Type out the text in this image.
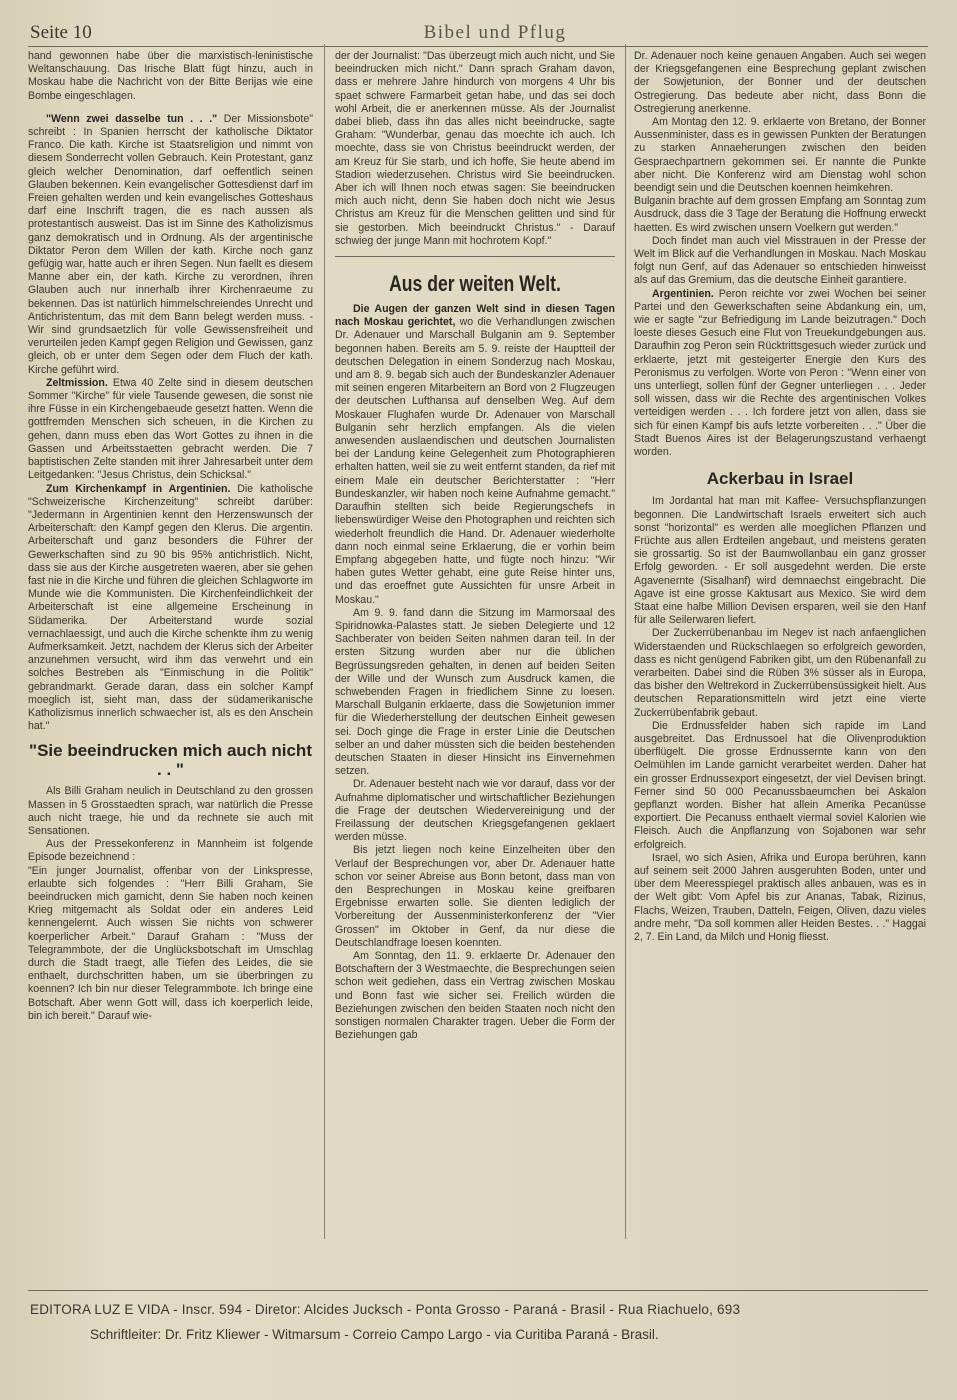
Seite 10	Bibel und Pflug

hand gewonnen habe über die marxistisch-leninistische Weltanschauung. Das Irische Blatt fügt hinzu, auch in Moskau habe die Nachricht von der Bitte Berijas wie eine Bombe eingeschlagen.

"Wenn zwei dasselbe tun . . ." Der Missionsbote" schreibt : In Spanien herrscht der katholische Diktator Franco. Die kath. Kirche ist Staatsreligion und nimmt von diesem Sonderrecht vollen Gebrauch. Kein Protestant, ganz gleich welcher Denomination, darf oeffentlich seinen Glauben bekennen. Kein evangelischer Gottesdienst darf im Freien gehalten werden und kein evangelisches Gotteshaus darf eine Inschrift tragen, die es nach aussen als protestantisch ausweist. Das ist im Sinne des Katholizismus ganz demokratisch und in Ordnung. Als der argentinische Diktator Peron dem Willen der kath. Kirche noch ganz gefügig war, hatte auch er ihren Segen. Nun faellt es diesem Manne aber ein, der kath. Kirche zu verordnen, ihren Glauben auch nur innerhalb ihrer Kirchenraeume zu bekennen. Das ist natürlich himmelschreiendes Unrecht und Antichristentum, das mit dem Bann belegt werden muss. - Wir sind grundsaetzlich für volle Gewissensfreiheit und verurteilen jeden Kampf gegen Religion und Gewissen, ganz gleich, ob er unter dem Segen oder dem Fluch der kath. Kirche geführt wird.

Zeltmission. Etwa 40 Zelte sind in diesem deutschen Sommer "Kirche" für viele Tausende gewesen, die sonst nie ihre Füsse in ein Kirchengebaeude gesetzt hatten. Wenn die gottfremden Menschen sich scheuen, in die Kirchen zu gehen, dann muss eben das Wort Gottes zu ihnen in die Gassen und Arbeitsstaetten gebracht werden. Die 7 baptistischen Zelte standen mit ihrer Jahresarbeit unter dem Leitgedanken: "Jesus Christus, dein Schicksal."

Zum Kirchenkampf in Argentinien. Die katholische "Schweizerische Kirchenzeitung" schreibt darüber: "Jedermann in Argentinien kennt den Herzenswunsch der Arbeiterschaft: den Kampf gegen den Klerus. Die argentin. Arbeiterschaft und ganz besonders die Führer der Gewerkschaften sind zu 90 bis 95% antichristlich. Nicht, dass sie aus der Kirche ausgetreten waeren, aber sie gehen fast nie in die Kirche und führen die gleichen Schlagworte im Munde wie die Kommunisten. Die Kirchenfeindlichkeit der Arbeiterschaft ist eine allgemeine Erscheinung in Südamerika. Der Arbeiterstand wurde sozial vernachlaessigt, und auch die Kirche schenkte ihm zu wenig Aufmerksamkeit. Jetzt, nachdem der Klerus sich der Arbeiter anzunehmen versucht, wird ihm das verwehrt und ein solches Bestreben als "Einmischung in die Politik" gebrandmarkt. Gerade daran, dass ein solcher Kampf moeglich ist, sieht man, dass der südamerikanische Katholizismus innerlich schwaecher ist, als es den Anschein hat."

"Sie beeindrucken mich auch nicht . . "

Als Billi Graham neulich in Deutschland zu den grossen Massen in 5 Grosstaedten sprach, war natürlich die Presse auch nicht traege, hie und da rechnete sie auch mit Sensationen.

Aus der Pressekonferenz in Mannheim ist folgende Episode bezeichnend :

"Ein junger Journalist, offenbar von der Linkspresse, erlaubte sich folgendes : "Herr Billi Graham, Sie beeindrucken mich garnicht, denn Sie haben noch keinen Krieg mitgemacht als Soldat oder ein anderes Leid kennengelernt. Auch wissen Sie nichts von schwerer koerperlicher Arbeit." Darauf Graham : "Muss der Telegrammbote, der die Unglücksbotschaft im Umschlag durch die Stadt traegt, alle Tiefen des Leides, die sie enthaelt, durchschritten haben, um sie überbringen zu koennen? Ich bin nur dieser Telegrammbote. Ich bringe eine Botschaft. Aber wenn Gott will, dass ich koerperlich leide, bin ich bereit." Darauf wie-

der der Journalist: "Das überzeugt mich auch nicht, und Sie beeindrucken mich nicht." Dann sprach Graham davon, dass er mehrere Jahre hindurch von morgens 4 Uhr bis spaet schwere Farmarbeit getan habe, und das sei doch wohl Arbeit, die er anerkennen müsse. Als der Journalist dabei blieb, dass ihn das alles nicht beeindrucke, sagte Graham: "Wunderbar, genau das moechte ich auch. Ich moechte, dass sie von Christus beeindruckt werden, der am Kreuz für Sie starb, und ich hoffe, Sie heute abend im Stadion wiederzusehen. Christus wird Sie beeindrucken. Aber ich will Ihnen noch etwas sagen: Sie beeindrucken mich auch nicht, denn Sie haben doch nicht wie Jesus Christus am Kreuz für die Menschen gelitten und sind für sie gestorben. Mich beeindruckt Christus." - Darauf schwieg der junge Mann mit hochrotem Kopf."

Aus der weiten Welt.

Die Augen der ganzen Welt sind in diesen Tagen nach Moskau gerichtet, wo die Verhandlungen zwischen Dr. Adenauer und Marschall Bulganin am 9. September begonnen haben. Bereits am 5. 9. reiste der Hauptteil der deutschen Delegation in einem Sonderzug nach Moskau, und am 8. 9. begab sich auch der Bundeskanzler Adenauer mit seinen engeren Mitarbeitern an Bord von 2 Flugzeugen der deutschen Lufthansa auf denselben Weg. Auf dem Moskauer Flughafen wurde Dr. Adenauer von Marschall Bulganin sehr herzlich empfangen. Als die vielen anwesenden auslaendischen und deutschen Journalisten bei der Landung keine Gelegenheit zum Photographieren erhalten hatten, weil sie zu weit entfernt standen, da rief mit einem Male ein deutscher Berichterstatter : "Herr Bundeskanzler, wir haben noch keine Aufnahme gemacht." Daraufhin stellten sich beide Regierungschefs in liebenswürdiger Weise den Photographen und reichten sich wiederholt freundlich die Hand. Dr. Adenauer wiederholte dann noch einmal seine Erklaerung, die er vorhin beim Empfang abgegeben hatte, und fügte noch hinzu: "Wir haben gutes Wetter gehabt, eine gute Reise hinter uns, und das eroeffnet gute Aussichten für unsre Arbeit in Moskau."

Am 9. 9. fand dann die Sitzung im Marmorsaal des Spiridnowka-Palastes statt. Je sieben Delegierte und 12 Sachberater von beiden Seiten nahmen daran teil. In der ersten Sitzung wurden aber nur die üblichen Begrüssungsreden gehalten, in denen auf beiden Seiten der Wille und der Wunsch zum Ausdruck kamen, die schwebenden Fragen in friedlichem Sinne zu loesen. Marschall Bulganin erklaerte, dass die Sowjetunion immer für die Wiederherstellung der deutschen Einheit gewesen sei. Doch ginge die Frage in erster Linie die Deutschen selber an und daher müssten sich die beiden bestehenden deutschen Staaten in dieser Hinsicht ins Einvernehmen setzen.

Dr. Adenauer besteht nach wie vor darauf, dass vor der Aufnahme diplomatischer und wirtschaftlicher Beziehungen die Frage der deutschen Wiedervereinigung und der Freilassung der deutschen Kriegsgefangenen geklaert werden müsse.

Bis jetzt liegen noch keine Einzelheiten über den Verlauf der Besprechungen vor, aber Dr. Adenauer hatte schon vor seiner Abreise aus Bonn betont, dass man von den Besprechungen in Moskau keine greifbaren Ergebnisse erwarten solle. Sie dienten lediglich der Vorbereitung der Aussenministerkonferenz der "Vier Grossen" im Oktober in Genf, da nur diese die Deutschlandfrage loesen koennten.

Am Sonntag, den 11. 9. erklaerte Dr. Adenauer den Botschaftern der 3 Westmaechte, die Besprechungen seien schon weit gediehen, dass ein Vertrag zwischen Moskau und Bonn fast wie sicher sei. Freilich würden die Beziehungen zwischen den beiden Staaten noch nicht den sonstigen normalen Charakter tragen. Ueber die Form der Beziehungen gab

Dr. Adenauer noch keine genauen Angaben. Auch sei wegen der Kriegsgefangenen eine Besprechung geplant zwischen der Sowjetunion, der Bonner und der deutschen Ostregierung. Das bedeute aber nicht, dass Bonn die Ostregierung anerkenne.

Am Montag den 12. 9. erklaerte von Bretano, der Bonner Aussenminister, dass es in gewissen Punkten der Beratungen zu starken Annaeherungen zwischen den beiden Gespraechpartnern gekommen sei. Er nannte die Punkte aber nicht. Die Konferenz wird am Dienstag wohl schon beendigt sein und die Deutschen koennen heimkehren.

Bulganin brachte auf dem grossen Empfang am Sonntag zum Ausdruck, dass die 3 Tage der Beratung die Hoffnung erweckt haetten. Es wird zwischen unsern Voelkern gut werden."

Doch findet man auch viel Misstrauen in der Presse der Welt im Blick auf die Verhandlungen in Moskau. Nach Moskau folgt nun Genf, auf das Adenauer so entschieden hinweisst als auf das Gremium, das die deutsche Einheit garantiere.

Argentinien. Peron reichte vor zwei Wochen bei seiner Partei und den Gewerkschaften seine Abdankung ein, um, wie er sagte "zur Befriedigung im Lande beizutragen." Doch loeste dieses Gesuch eine Flut von Treuekundgebungen aus. Daraufhin zog Peron sein Rücktrittsgesuch wieder zurück und erklaerte, jetzt mit gesteigerter Energie den Kurs des Peronismus zu verfolgen. Worte von Peron : "Wenn einer von uns unterliegt, sollen fünf der Gegner unterliegen . . . Jeder soll wissen, dass wir die Rechte des argentinischen Volkes verteidigen werden . . . Ich fordere jetzt von allen, dass sie sich für einen Kampf bis aufs letzte vorbereiten . . ." Über die Stadt Buenos Aires ist der Belagerungszustand verhaengt worden.

Ackerbau in Israel

Im Jordantal hat man mit Kaffee- Versuchspflanzungen begonnen. Die Landwirtschaft Israels erweitert sich auch sonst "horizontal" es werden alle moeglichen Pflanzen und Früchte aus allen Erdteilen angebaut, und meistens geraten sie grossartig. So ist der Baumwollanbau ein ganz grosser Erfolg geworden. - Er soll ausgedehnt werden. Die erste Agavenernte (Sisalhanf) wird demnaechst eingebracht. Die Agave ist eine grosse Kaktusart aus Mexico. Sie wird dem Staat eine halbe Million Devisen ersparen, weil sie den Hanf für alle Seilerwaren liefert.

Der Zuckerrübenanbau im Negev ist nach anfaenglichen Widerstaenden und Rückschlaegen so erfolgreich geworden, dass es nicht genügend Fabriken gibt, um den Rübenanfall zu verarbeiten. Dabei sind die Rüben 3% süsser als in Europa, das bisher den Weltrekord in Zuckerrübensüssigkeit hielt. Aus deutschen Reparationsmitteln wird jetzt eine vierte Zuckerrübenfabrik gebaut.

Die Erdnussfelder haben sich rapide im Land ausgebreitet. Das Erdnussoel hat die Olivenproduktion überflügelt. Die grosse Erdnussernte kann von den Oelmühlen im Lande garnicht verarbeitet werden. Daher hat ein grosser Erdnussexport eingesetzt, der viel Devisen bringt. Ferner sind 50 000 Pecanussbaeumchen bei Askalon gepflanzt worden. Bisher hat allein Amerika Pecanüsse exportiert. Die Pecanuss enthaelt viermal soviel Kalorien wie Fleisch. Auch die Anpflanzung von Sojabonen war sehr erfolgreich.

Israel, wo sich Asien, Afrika und Europa berühren, kann auf seinem seit 2000 Jahren ausgeruhten Boden, unter und über dem Meeresspiegel praktisch alles anbauen, was es in der Welt gibt: Vom Apfel bis zur Ananas, Tabak, Rizinus, Flachs, Weizen, Trauben, Datteln, Feigen, Oliven, dazu vieles andre mehr, "Da soll kommen aller Heiden Bestes. . ." Haggai 2, 7. Ein Land, da Milch und Honig fliesst.

EDITORA LUZ E VIDA - Inscr. 594 - Diretor: Alcides Jucksch - Ponta Grosso - Paraná - Brasil - Rua Riachuelo, 693
Schriftleiter: Dr. Fritz Kliewer - Witmarsum - Correio Campo Largo - via Curitiba Paraná - Brasil.
